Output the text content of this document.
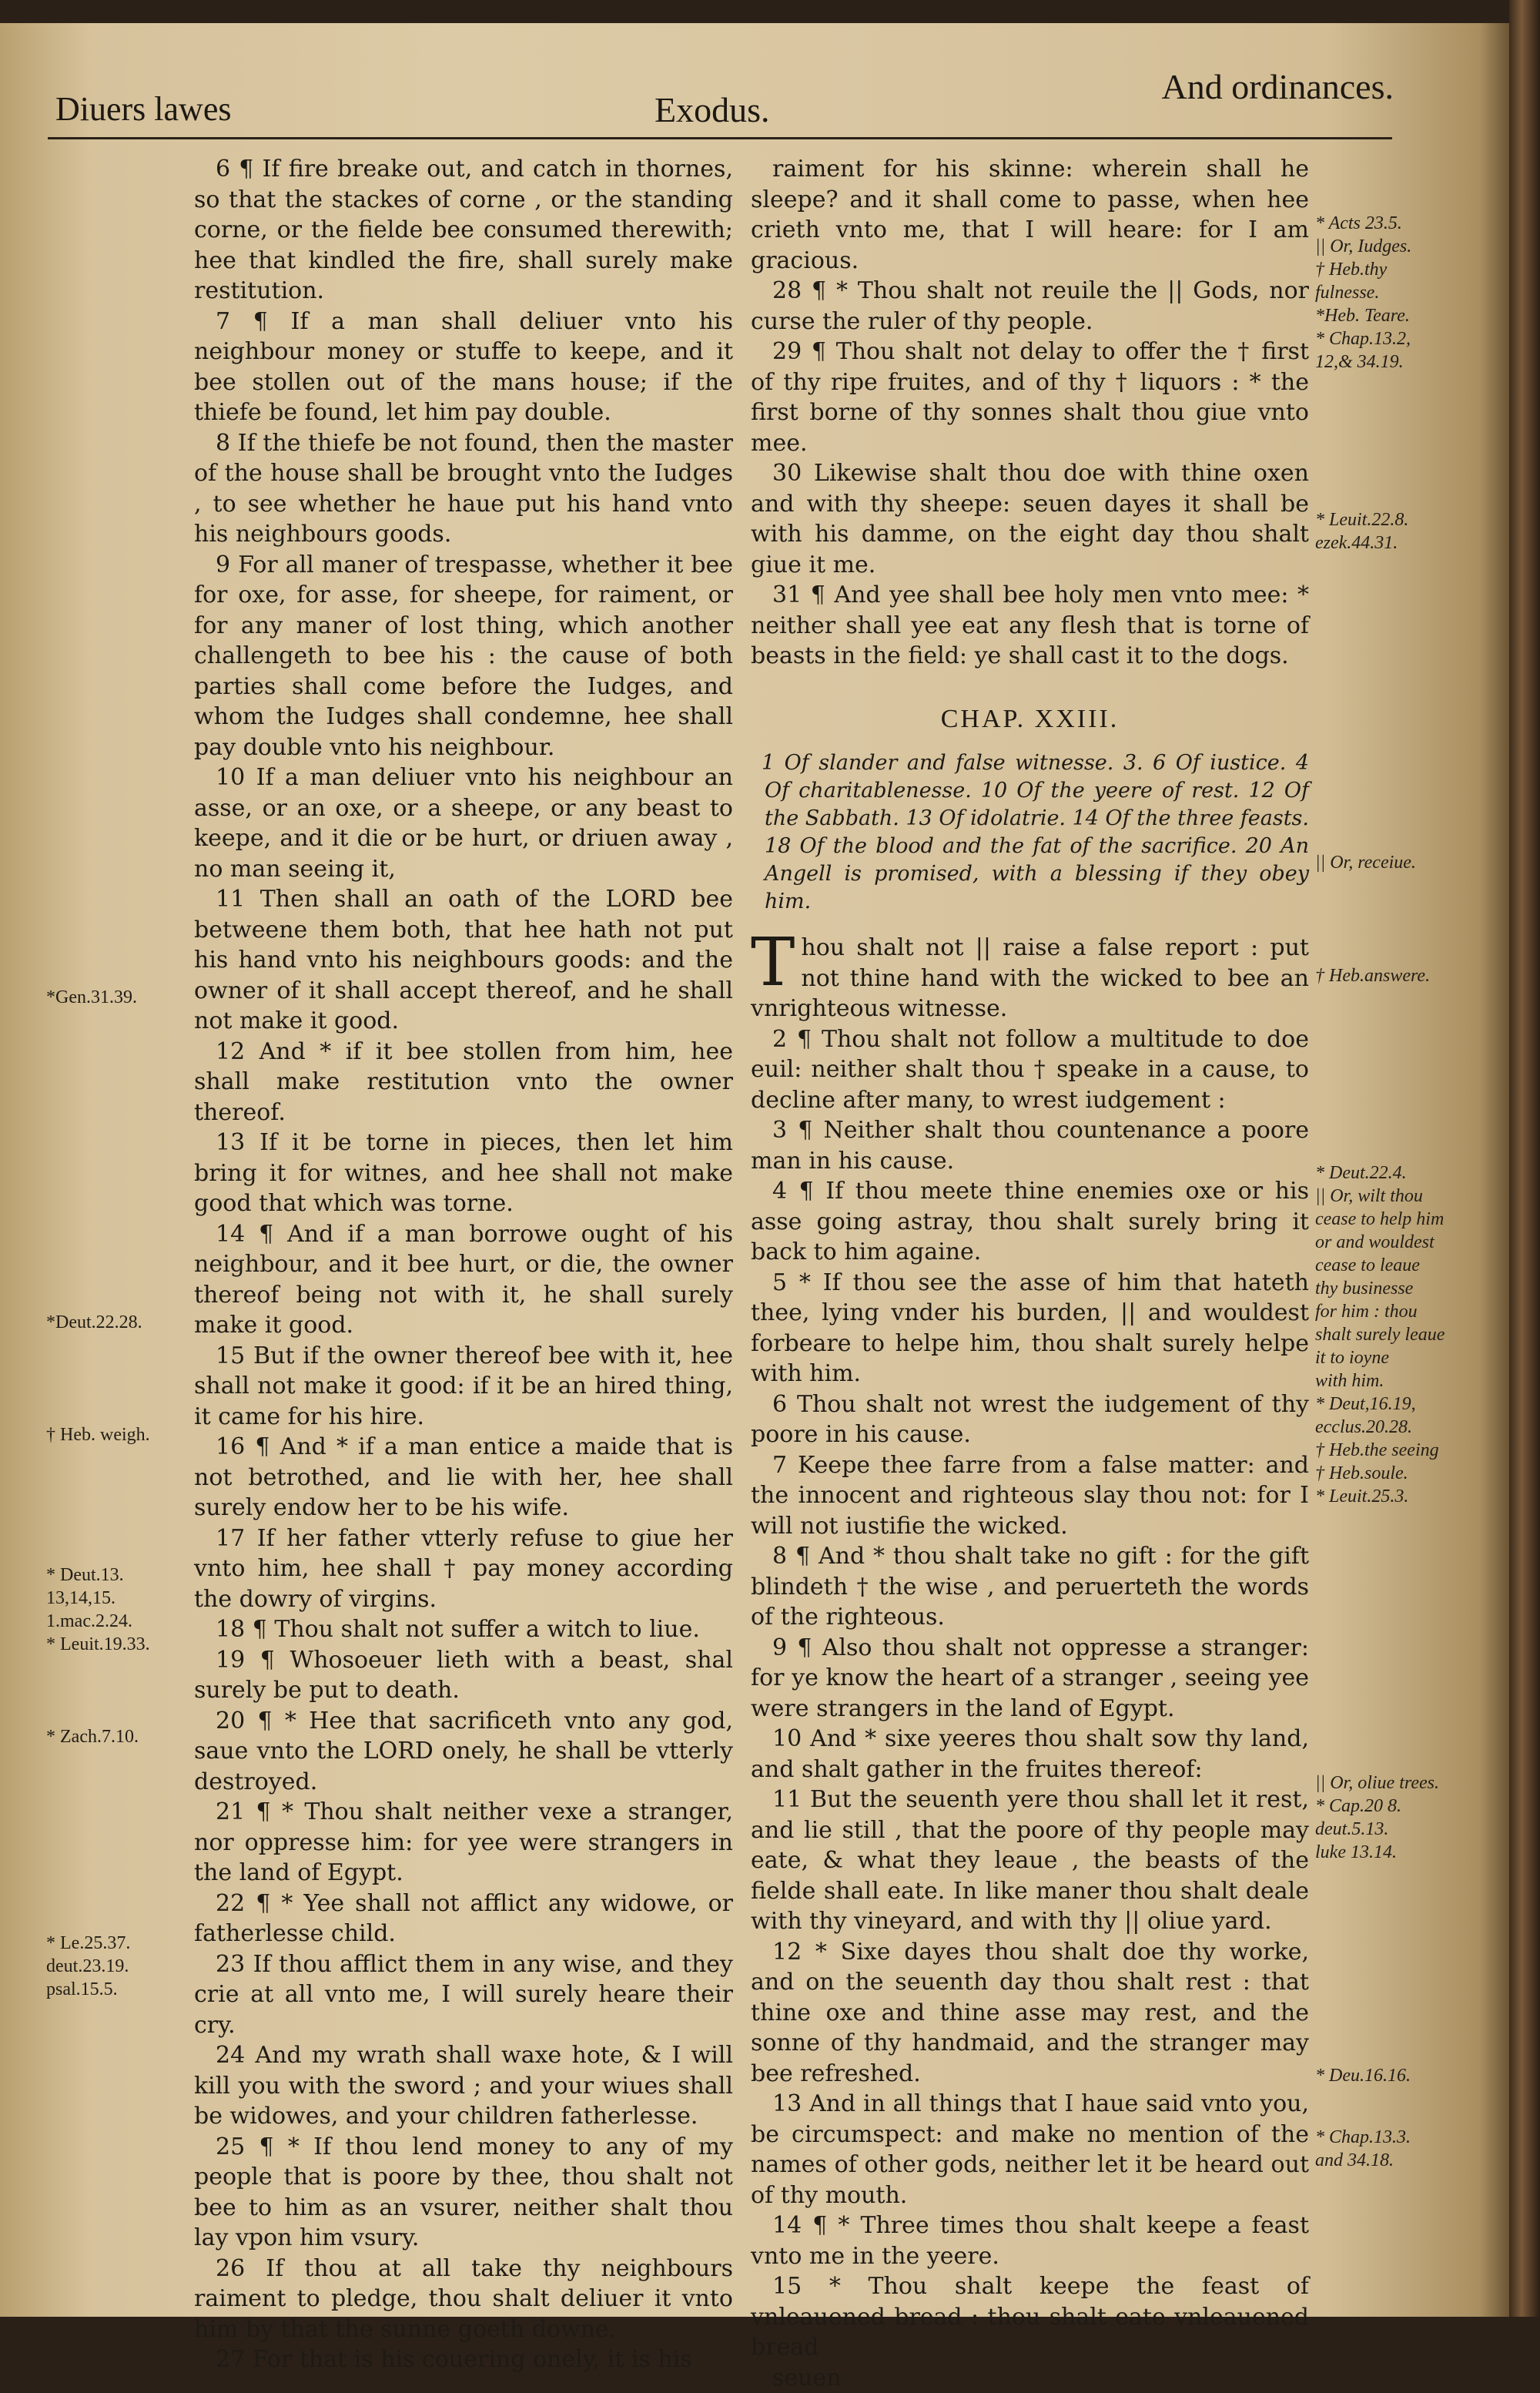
Diuers lawes	Exodus.
And ordinances.

6 ¶ If fire breake out, and catch in thornes, so that the stackes of corne , or the standing corne, or the fielde bee consumed therewith; hee that kindled the fire, shall surely make restitution.

7 ¶ If a man shall deliuer vnto his neighbour money or stuffe to keepe, and it bee stollen out of the mans house; if the thiefe be found, let him pay double.

8 If the thiefe be not found, then the master of the house shall be brought vnto the Iudges , to see whether he haue put his hand vnto his neighbours goods.

9 For all maner of trespasse, whether it bee for oxe, for asse, for sheepe, for raiment, or for any maner of lost thing, which another challengeth to bee his : the cause of both parties shall come before the Iudges, and whom the Iudges shall condemne, hee shall pay double vnto his neighbour.

10 If a man deliuer vnto his neighbour an asse, or an oxe, or a sheepe, or any beast to keepe, and it die or be hurt, or driuen away , no man seeing it,

11 Then shall an oath of the LORD bee betweene them both, that hee hath not put his hand vnto his neighbours goods: and the owner of it shall accept thereof, and he shall not make it good.

12 And * if it bee stollen from him, hee shall make restitution vnto the owner thereof.

13 If it be torne in pieces, then let him bring it for witnes, and hee shall not make good that which was torne.

14 ¶ And if a man borrowe ought of his neighbour, and it bee hurt, or die, the owner thereof being not with it, he shall surely make it good.

15 But if the owner thereof bee with it, hee shall not make it good: if it be an hired thing, it came for his hire.

16 ¶ And * if a man entice a maide that is not betrothed, and lie with her, hee shall surely endow her to be his wife.

17 If her father vtterly refuse to giue her vnto him, hee shall † pay money according the dowry of virgins.

18 ¶ Thou shalt not suffer a witch to liue.

19 ¶ Whosoeuer lieth with a beast, shal surely be put to death.

20 ¶ * Hee that sacrificeth vnto any god, saue vnto the LORD onely, he shall be vtterly destroyed.

21 ¶ * Thou shalt neither vexe a stranger, nor oppresse him: for yee were strangers in the land of Egypt.

22 ¶ * Yee shall not afflict any widowe, or fatherlesse child.

23 If thou afflict them in any wise, and they crie at all vnto me, I will surely heare their cry.

24 And my wrath shall waxe hote, & I will kill you with the sword ; and your wiues shall be widowes, and your children fatherlesse.

25 ¶ * If thou lend money to any of my people that is poore by thee, thou shalt not bee to him as an vsurer, neither shalt thou lay vpon him vsury.

26 If thou at all take thy neighbours raiment to pledge, thou shalt deliuer it vnto him by that the sunne goeth downe.

27 For that is his couering onely, it is his

raiment for his skinne: wherein shall he sleepe? and it shall come to passe, when hee crieth vnto me, that I will heare: for I am gracious.

28 ¶ * Thou shalt not reuile the || Gods, nor curse the ruler of thy people.

29 ¶ Thou shalt not delay to offer the † first of thy ripe fruites, and of thy † liquors : * the first borne of thy sonnes shalt thou giue vnto mee.

30 Likewise shalt thou doe with thine oxen and with thy sheepe: seuen dayes it shall be with his damme, on the eight day thou shalt giue it me.

31 ¶ And yee shall bee holy men vnto mee: * neither shall yee eat any flesh that is torne of beasts in the field: ye shall cast it to the dogs.

CHAP. XXIII.
1 Of slander and false witnesse. 3. 6 Of iustice. 4 Of charitablenesse. 10 Of the yeere of rest. 12 Of the Sabbath. 13 Of idolatrie. 14 Of the three feasts. 18 Of the blood and the fat of the sacrifice. 20 An Angell is promised, with a blessing if they obey him.
T hou shalt not || raise a false report : put not thine hand with the wicked to bee an vnrighteous witnesse.

2 ¶ Thou shalt not follow a multitude to doe euil: neither shalt thou † speake in a cause, to decline after many, to wrest iudgement :

3 ¶ Neither shalt thou countenance a poore man in his cause.

4 ¶ If thou meete thine enemies oxe or his asse going astray, thou shalt surely bring it back to him againe.

5 * If thou see the asse of him that hateth thee, lying vnder his burden, || and wouldest forbeare to helpe him, thou shalt surely helpe with him.

6 Thou shalt not wrest the iudgement of thy poore in his cause.

7 Keepe thee farre from a false matter: and the innocent and righteous slay thou not: for I will not iustifie the wicked.

8 ¶ And * thou shalt take no gift : for the gift blindeth † the wise , and peruerteth the words of the righteous.

9 ¶ Also thou shalt not oppresse a stranger: for ye know the heart of a stranger , seeing yee were strangers in the land of Egypt.

10 And * sixe yeeres thou shalt sow thy land, and shalt gather in the fruites thereof:

11 But the seuenth yere thou shall let it rest, and lie still , that the poore of thy people may eate, & what they leaue , the beasts of the fielde shall eate. In like maner thou shalt deale with thy vineyard, and with thy || oliue yard.

12 * Sixe dayes thou shalt doe thy worke, and on the seuenth day thou shalt rest : that thine oxe and thine asse may rest, and the sonne of thy handmaid, and the stranger may bee refreshed.

13 And in all things that I haue said vnto you, be circumspect: and make no mention of the names of other gods, neither let it be heard out of thy mouth.

14 ¶ * Three times thou shalt keepe a feast vnto me in the yeere.

15 * Thou shalt keepe the feast of vnleauened bread : thou shalt eate vnleauened bread

seuen

*Gen.31.39.
*Deut.22.28.
† Heb. weigh.
* Deut.13.
13,14,15.
1.mac.2.24.
* Leuit.19.33.
* Zach.7.10.
* Le.25.37.
deut.23.19.
psal.15.5.
* Acts 23.5.
|| Or, Iudges.
† Heb.thy
fulnesse.
*Heb. Teare.
* Chap.13.2,
12,& 34.19.
* Leuit.22.8.
ezek.44.31.
|| Or, receiue.
† Heb.answere.
* Deut.22.4.
|| Or, wilt thou
cease to help him
or and wouldest
cease to leaue
thy businesse
for him : thou
shalt surely leaue
it to ioyne
with him.
* Deut,16.19,
ecclus.20.28.
† Heb.the seeing
† Heb.soule.
* Leuit.25.3.
|| Or, oliue trees.
* Cap.20 8.
deut.5.13.
luke 13.14.
* Deu.16.16.
* Chap.13.3.
and 34.18.
